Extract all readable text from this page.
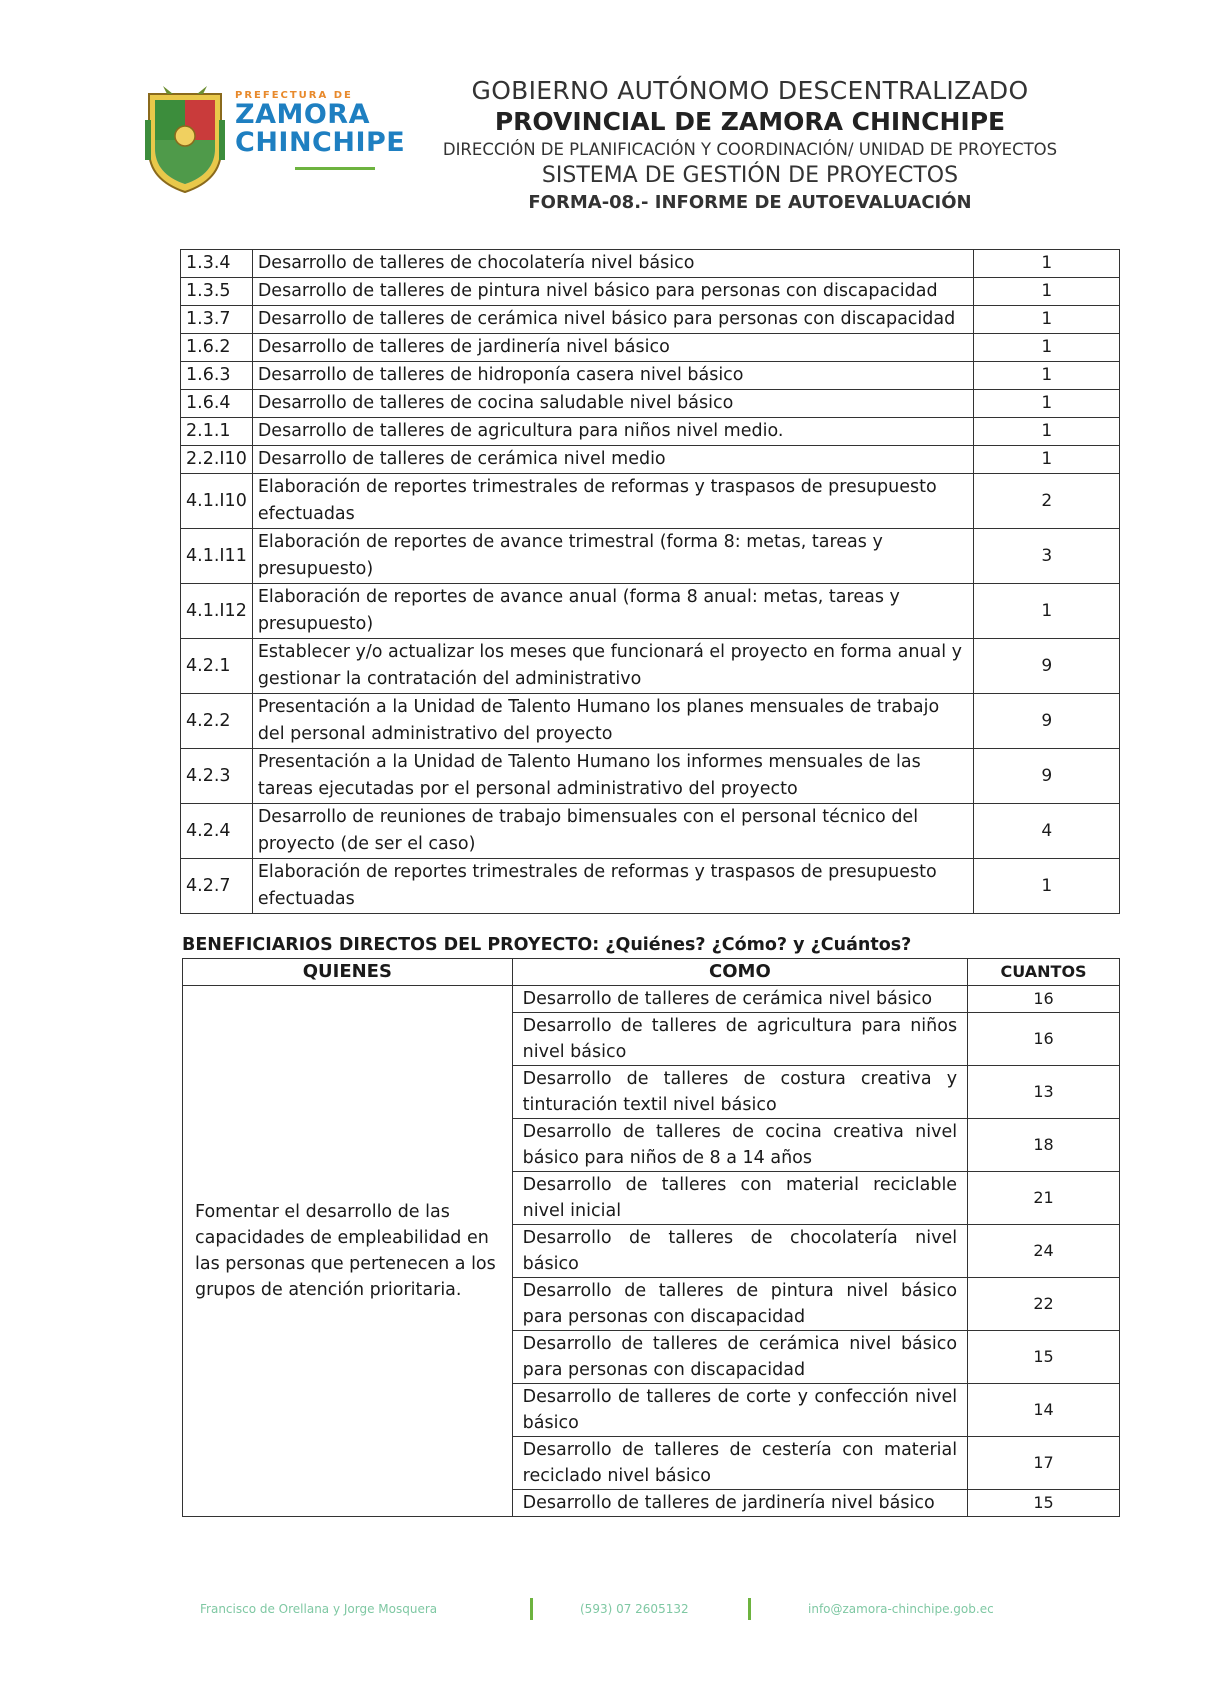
PREFECTURA DE
ZAMORA
CHINCHIPE
GOBIERNO AUTÓNOMO DESCENTRALIZADO
PROVINCIAL DE ZAMORA CHINCHIPE
DIRECCIÓN DE PLANIFICACIÓN Y COORDINACIÓN/ UNIDAD DE PROYECTOS
SISTEMA DE GESTIÓN DE PROYECTOS
FORMA-08.- INFORME DE AUTOEVALUACIÓN
1.3.4	Desarrollo de talleres de chocolatería nivel básico	1
1.3.5	Desarrollo de talleres de pintura nivel básico para personas con discapacidad	1
1.3.7	Desarrollo de talleres de cerámica nivel básico para personas con discapacidad	1
1.6.2	Desarrollo de talleres de jardinería nivel básico	1
1.6.3	Desarrollo de talleres de hidroponía casera nivel básico	1
1.6.4	Desarrollo de talleres de cocina saludable nivel básico	1
2.1.1	Desarrollo de talleres de agricultura para niños nivel medio.	1
2.2.I10	Desarrollo de talleres de cerámica nivel medio	1
4.1.I10	Elaboración de reportes trimestrales de reformas y traspasos de presupuesto efectuadas	2
4.1.I11	Elaboración de reportes de avance trimestral (forma 8: metas, tareas y presupuesto)	3
4.1.I12	Elaboración de reportes de avance anual (forma 8 anual: metas, tareas y presupuesto)	1
4.2.1	Establecer y/o actualizar los meses que funcionará el proyecto en forma anual y gestionar la contratación del administrativo	9
4.2.2	Presentación a la Unidad de Talento Humano los planes mensuales de trabajo del personal administrativo del proyecto	9
4.2.3	Presentación a la Unidad de Talento Humano los informes mensuales de las tareas ejecutadas por el personal administrativo del proyecto	9
4.2.4	Desarrollo de reuniones de trabajo bimensuales con el personal técnico del proyecto (de ser el caso)	4
4.2.7	Elaboración de reportes trimestrales de reformas y traspasos de presupuesto efectuadas	1
BENEFICIARIOS DIRECTOS DEL PROYECTO: ¿Quiénes? ¿Cómo? y ¿Cuántos?
QUIENES	COMO	CUANTOS
Fomentar el desarrollo de las capacidades de empleabilidad en las personas que pertenecen a los grupos de atención prioritaria.	Desarrollo de talleres de cerámica nivel básico	16
	Desarrollo de talleres de agricultura para niños nivel básico	16
	Desarrollo de talleres de costura creativa y tinturación textil nivel básico	13
	Desarrollo de talleres de cocina creativa nivel básico para niños de 8 a 14 años	18
	Desarrollo de talleres con material reciclable nivel inicial	21
	Desarrollo de talleres de chocolatería nivel básico	24
	Desarrollo de talleres de pintura nivel básico para personas con discapacidad	22
	Desarrollo de talleres de cerámica nivel básico para personas con discapacidad	15
	Desarrollo de talleres de corte y confección nivel básico	14
	Desarrollo de talleres de cestería con material reciclado nivel básico	17
	Desarrollo de talleres de jardinería nivel básico	15
Francisco de Orellana y Jorge Mosquera	(593) 07 2605132	info@zamora-chinchipe.gob.ec
